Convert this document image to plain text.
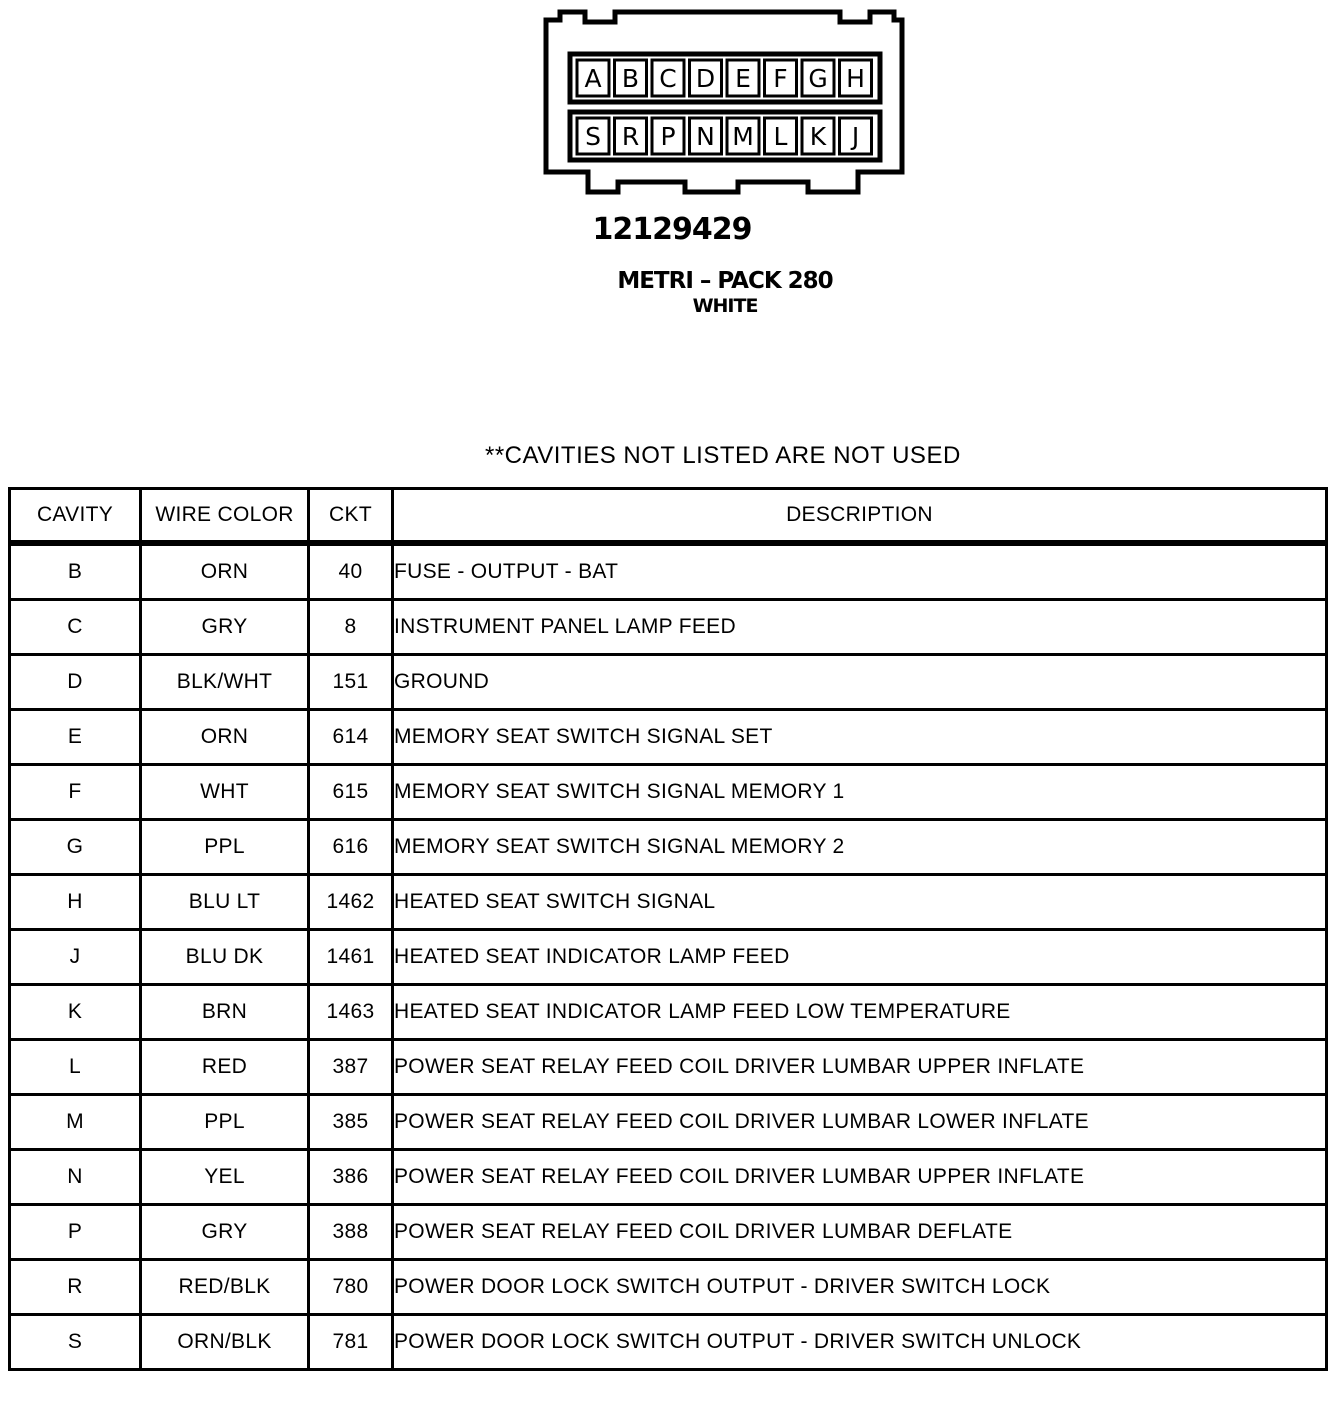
A B C D E F G H
S R P N M L K J
12129429
METRI – PACK 280
WHITE
**CAVITIES NOT LISTED ARE NOT USED
CAVITY	WIRE COLOR	CKT	DESCRIPTION
B	ORN	40	FUSE - OUTPUT - BAT
C	GRY	8	INSTRUMENT PANEL LAMP FEED
D	BLK/WHT	151	GROUND
E	ORN	614	MEMORY SEAT SWITCH SIGNAL SET
F	WHT	615	MEMORY SEAT SWITCH SIGNAL MEMORY 1
G	PPL	616	MEMORY SEAT SWITCH SIGNAL MEMORY 2
H	BLU LT	1462	HEATED SEAT SWITCH SIGNAL
J	BLU DK	1461	HEATED SEAT INDICATOR LAMP FEED
K	BRN	1463	HEATED SEAT INDICATOR LAMP FEED LOW TEMPERATURE
L	RED	387	POWER SEAT RELAY FEED COIL DRIVER LUMBAR UPPER INFLATE
M	PPL	385	POWER SEAT RELAY FEED COIL DRIVER LUMBAR LOWER INFLATE
N	YEL	386	POWER SEAT RELAY FEED COIL DRIVER LUMBAR UPPER INFLATE
P	GRY	388	POWER SEAT RELAY FEED COIL DRIVER LUMBAR DEFLATE
R	RED/BLK	780	POWER DOOR LOCK SWITCH OUTPUT - DRIVER SWITCH LOCK
S	ORN/BLK	781	POWER DOOR LOCK SWITCH OUTPUT - DRIVER SWITCH UNLOCK
